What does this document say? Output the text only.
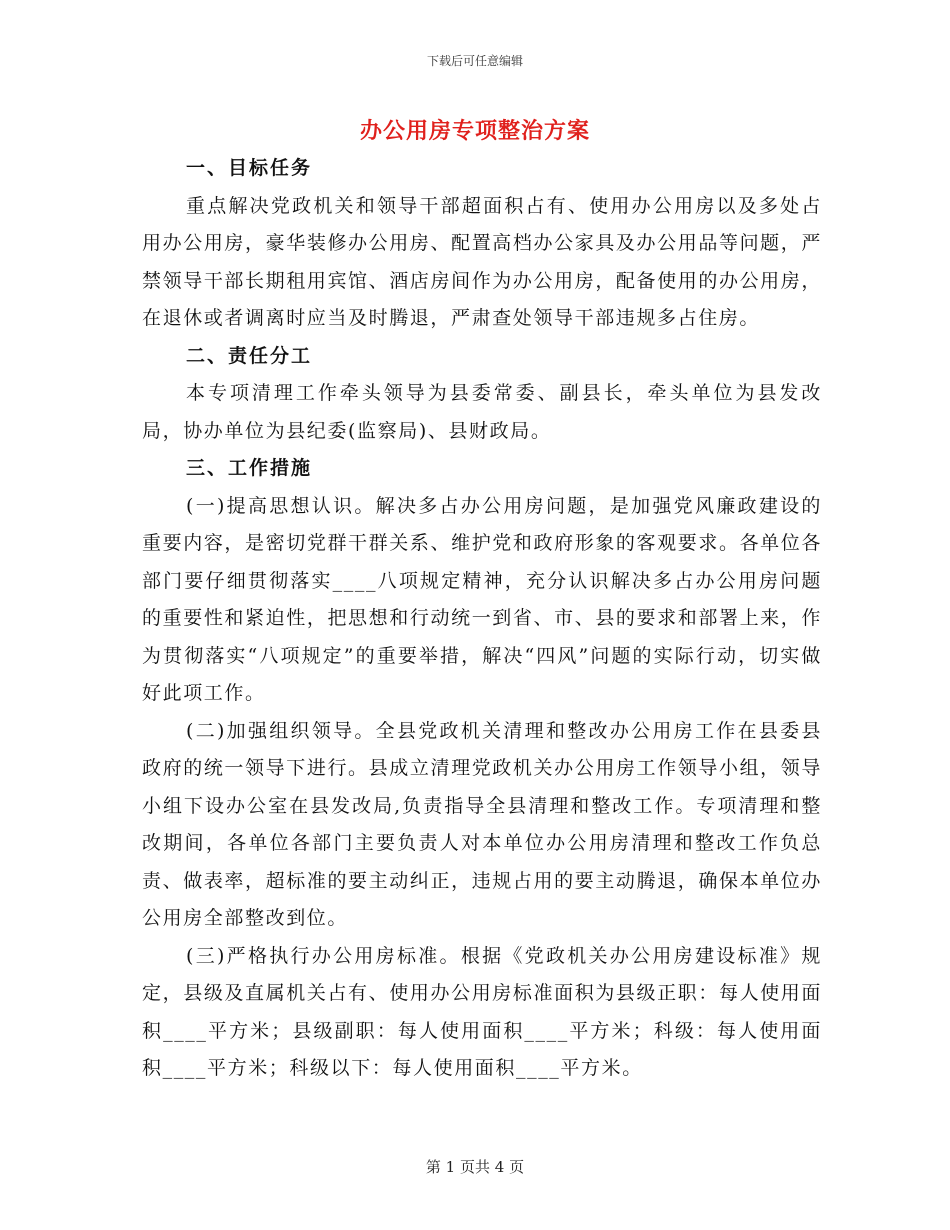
下载后可任意编辑
办公用房专项整治方案
一、目标任务

重点解决党政机关和领导干部超面积占有、使用办公用房以及多处占用办公用房，豪华装修办公用房、配置高档办公家具及办公用品等问题，严禁领导干部长期租用宾馆、酒店房间作为办公用房，配备使用的办公用房，在退休或者调离时应当及时腾退，严肃查处领导干部违规多占住房。

二、责任分工

本专项清理工作牵头领导为县委常委、副县长，牵头单位为县发改局，协办单位为县纪委(监察局)、县财政局。

三、工作措施

(一)提高思想认识。解决多占办公用房问题，是加强党风廉政建设的重要内容，是密切党群干群关系、维护党和政府形象的客观要求。各单位各部门要仔细贯彻落实____八项规定精神，充分认识解决多占办公用房问题的重要性和紧迫性，把思想和行动统一到省、市、县的要求和部署上来，作为贯彻落实“八项规定”的重要举措，解决“四风”问题的实际行动，切实做好此项工作。

(二)加强组织领导。全县党政机关清理和整改办公用房工作在县委县政府的统一领导下进行。县成立清理党政机关办公用房工作领导小组，领导小组下设办公室在县发改局,负责指导全县清理和整改工作。专项清理和整改期间，各单位各部门主要负责人对本单位办公用房清理和整改工作负总责、做表率，超标准的要主动纠正，违规占用的要主动腾退，确保本单位办公用房全部整改到位。

(三)严格执行办公用房标准。根据《党政机关办公用房建设标准》规定，县级及直属机关占有、使用办公用房标准面积为县级正职：每人使用面积____平方米；县级副职：每人使用面积____平方米；科级：每人使用面积____平方米；科级以下：每人使用面积____平方米。

第 1 页共 4 页
